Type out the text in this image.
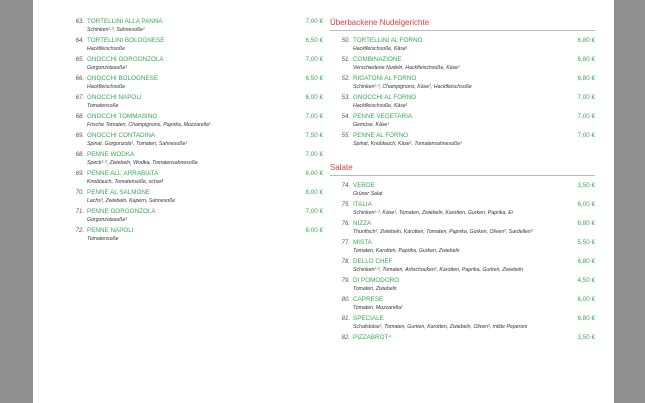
63. TORTELLINI ALLA PANNA	7,00 €
Schinken²·³, Sahnesoße¹
64. TORTELLINI BOLOGNESE	6,50 €
Hackfleischsoße
65. GNOCCHI GORGONZOLA	7,00 €
Gorgonzolasoße¹
66. GNOCCHI BOLOGNESE	6,50 €
Hackfleischsoße
67. GNOCCHI NAPOLI	6,00 €
Tomatensoße
68. GNOCCHI TOMMASINO	7,00 €
Frische Tomaten, Champignons, Paprika, Mozzarella¹
69. GNOCCHI CONTADINA	7,50 €
Spinat, Gorgonzola¹, Tomaten, Sahnesoße¹
68. PENNE WODKA	7,00 €
Speck²·³, Zwiebeln, Wodka, Tomatensahnesoße
69. PENNE ALL’ ARRABIATA	6,00 €
Knoblauch, Tomatensoße, scharf
70. PENNE AL SALMONE	8,00 €
Lachs³, Zwiebeln, Kapern, Sahnesoße
71. PENNE GORGONZOLA	7,00 €
Gorgonzolasoße¹
72. PENNE NAPOLI	6,00 €
Tomatensoße
Überbackene Nudelgerichte
50. TORTELLINI AL FORNO	6,80 €
Hackfleischsoße, Käse¹
51. COMBINAZIONE	6,80 €
Verschiedene Nudeln, Hackfleischsoße, Käse¹
52. RIGATONI AL FORNO	6,80 €
Schinken²·³, Champignons, Käse¹, Hackfleischsoße
53. GNOCCHI AL FORNO	7,00 €
Hackfleischsoße, Käse¹
54. PENNE VEGETARIA	7,00 €
Gemüse, Käse¹
55. PENNE AL FORNO	7,00 €
Spinat, Knoblauch, Käse¹, Tomatensahnesoße¹
Salate
74. VERDE	3,50 €
Grüner Salat
75. ITALIA	6,00 €
Schinken²·³, Käse¹, Tomaten, Zwiebeln, Karotten, Gurken, Paprika, Ei
76. NIZZA	6,80 €
Thunfisch³, Zwiebeln, Karotten, Tomaten, Paprika, Gurken, Oliven², Sardellen³
77. MISTA	5,50 €
Tomaten, Karotten, Paprika, Gurken, Zwiebeln
78. DELLO CHEF	6,80 €
Schinken²·³, Tomaten, Artischocken², Karotten, Paprika, Gurken, Zwiebeln
79. DI POMODORO	4,50 €
Tomaten, Zwiebeln
80. CAPRESE	6,00 €
Tomaten, Mozzarella¹
81. SPECIALE	6,80 €
Schafskäse¹, Tomaten, Gurken, Karotten, Zwiebeln, Oliven², milde Peperoni
82. PIZZABROT⁴	3,50 €
